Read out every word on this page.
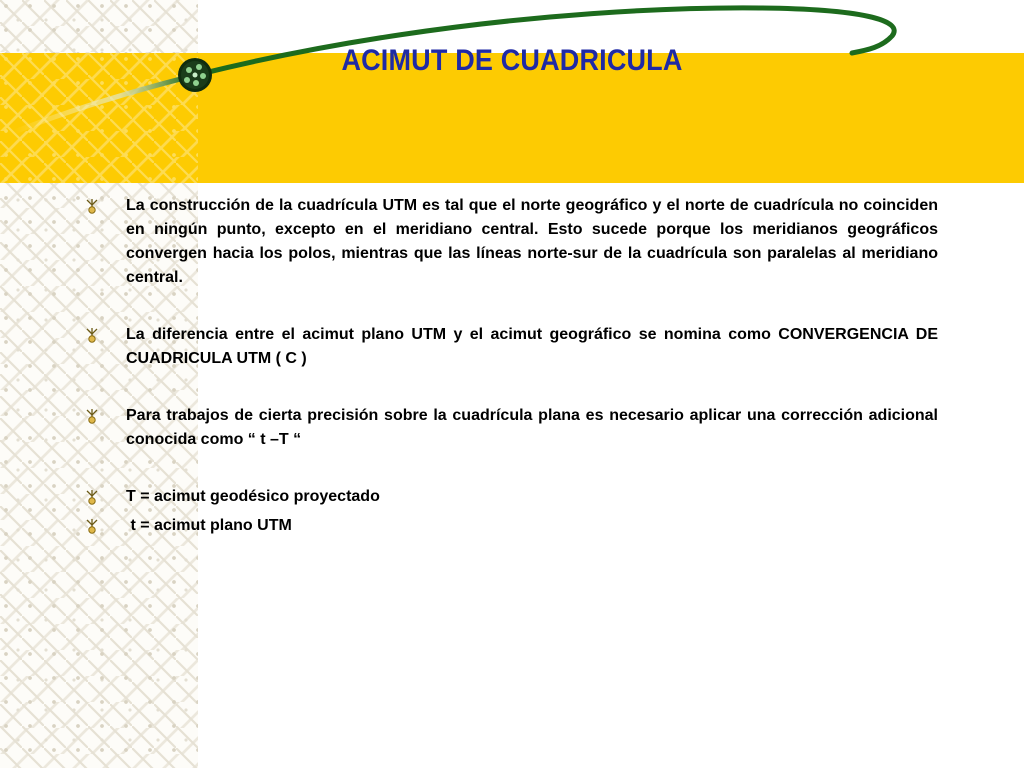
ACIMUT DE CUADRICULA
La construcción de la cuadrícula UTM es tal que el norte geográfico y el norte de cuadrícula no coinciden en ningún punto, excepto en el meridiano central. Esto sucede porque los meridianos geográficos convergen hacia los polos, mientras que las líneas norte-sur de la cuadrícula son paralelas al meridiano central.
La diferencia entre el acimut plano UTM y el acimut geográfico se nomina como CONVERGENCIA DE CUADRICULA UTM ( C )
Para trabajos de cierta precisión sobre la cuadrícula plana es necesario aplicar una corrección adicional conocida como “ t –T “
T = acimut geodésico proyectado
t = acimut plano UTM
